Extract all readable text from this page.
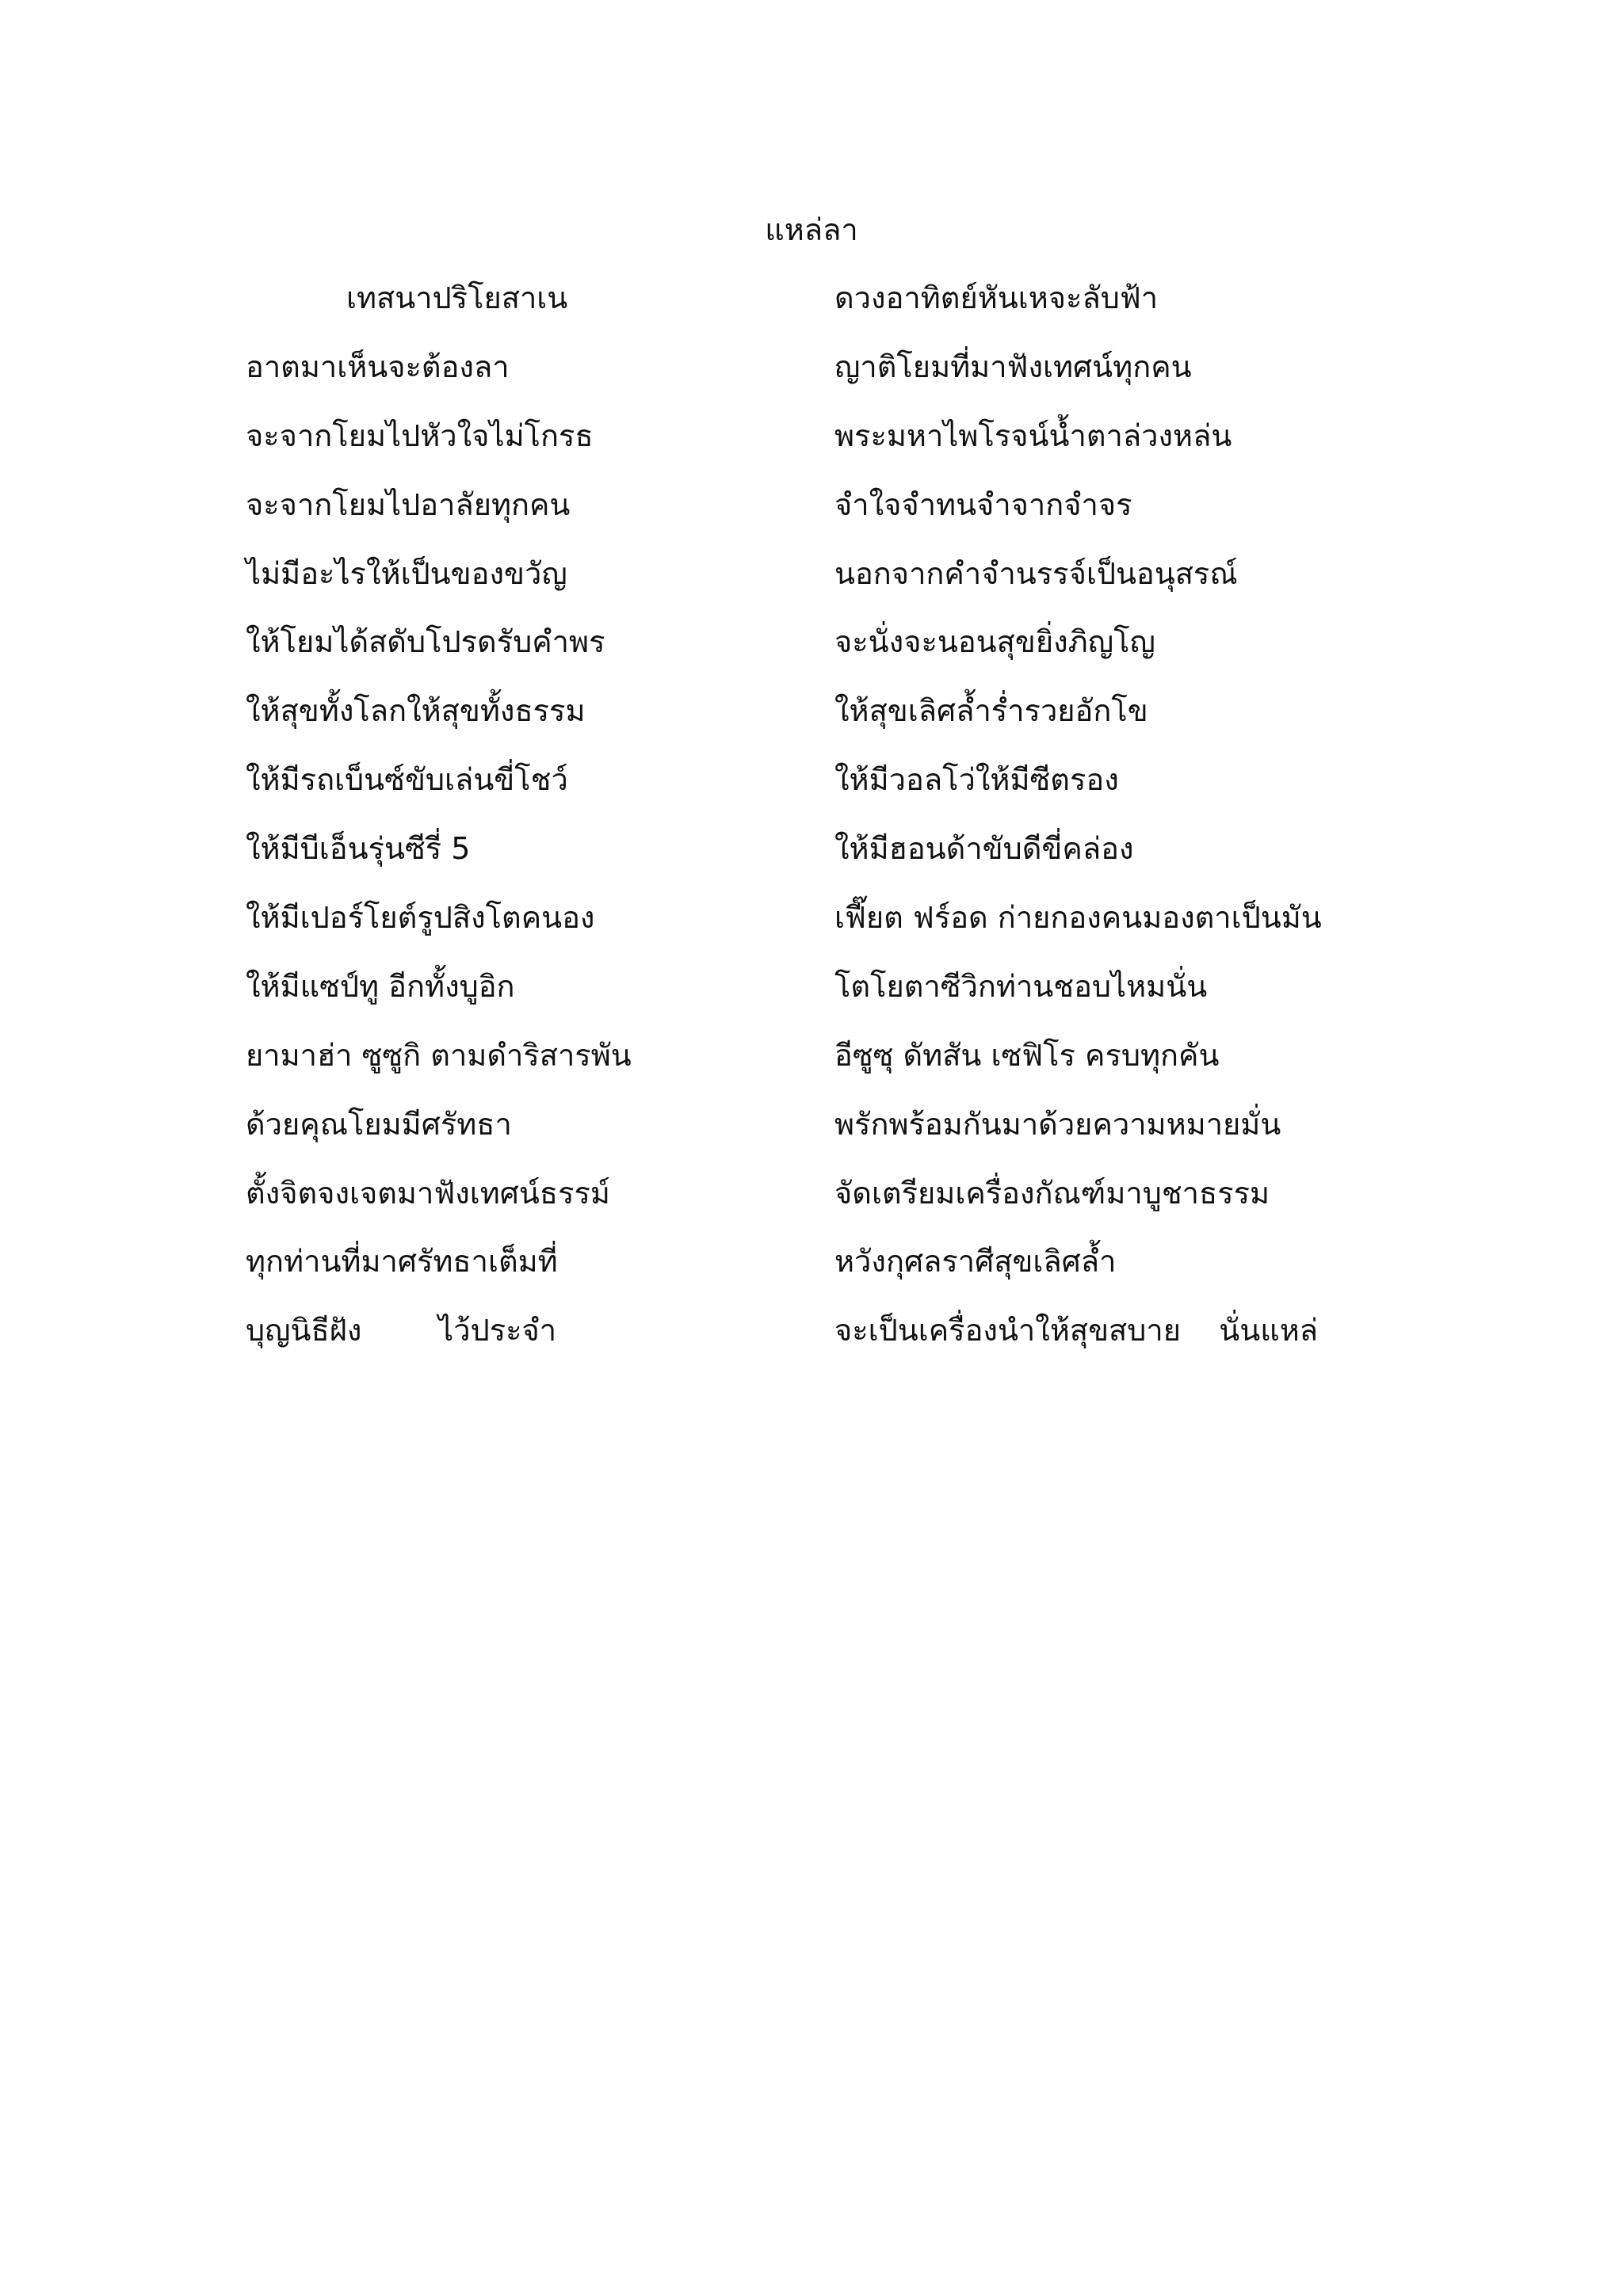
แหล่ลา
เทสนาปริโยสาเน	ดวงอาทิตย์หันเหจะลับฟ้า
อาตมาเห็นจะต้องลา	ญาติโยมที่มาฟังเทศน์ทุกคน
จะจากโยมไปหัวใจไม่โกรธ	พระมหาไพโรจน์น้ำตาล่วงหล่น
จะจากโยมไปอาลัยทุกคน	จำใจจำทนจำจากจำจร
ไม่มีอะไรให้เป็นของขวัญ	นอกจากคำจำนรรจ์เป็นอนุสรณ์
ให้โยมได้สดับโปรดรับคำพร	จะนั่งจะนอนสุขยิ่งภิญโญ
ให้สุขทั้งโลกให้สุขทั้งธรรม	ให้สุขเลิศล้ำร่ำรวยอักโข
ให้มีรถเบ็นซ์ขับเล่นขี่โชว์	ให้มีวอลโว่ให้มีซีตรอง
ให้มีบีเอ็นรุ่นซีรี่ 5	ให้มีฮอนด้าขับดีขี่คล่อง
ให้มีเปอร์โยต์รูปสิงโตคนอง	เฟี๊ยต ฟร์อด ก่ายกองคนมองตาเป็นมัน
ให้มีแซป์ทู อีกทั้งบูอิก	โตโยตาซีวิกท่านชอบไหมนั่น
ยามาฮ่า ซูซูกิ ตามดำริสารพัน	อีซูซุ ดัทสัน เซฟิโร ครบทุกคัน
ด้วยคุณโยมมีศรัทธา	พรักพร้อมกันมาด้วยความหมายมั่น
ตั้งจิตจงเจตมาฟังเทศน์ธรรม์	จัดเตรียมเครื่องกัณฑ์มาบูชาธรรม
ทุกท่านที่มาศรัทธาเต็มที่	หวังกุศลราศีสุขเลิศล้ำ
บุญนิธีฝัง        ไว้ประจำ	จะเป็นเครื่องนำให้สุขสบาย    นั่นแหล่
